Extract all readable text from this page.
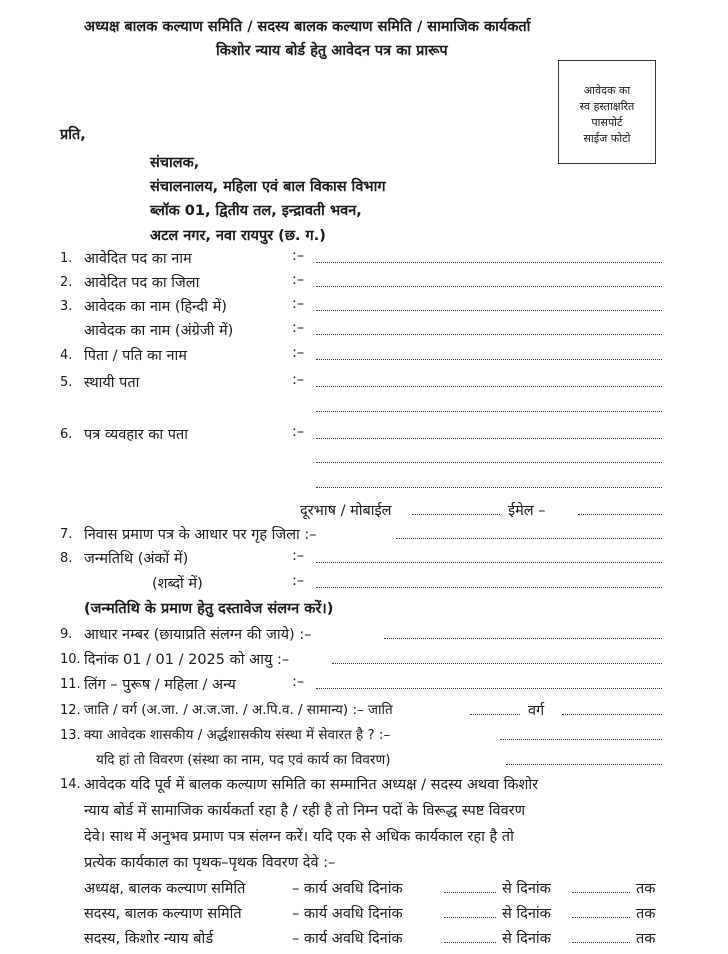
अध्यक्ष बालक कल्याण समिति / सदस्य बालक कल्याण समिति / सामाजिक कार्यकर्ता
किशोर न्याय बोर्ड हेतु आवेदन पत्र का प्रारूप
आवेदक का
स्व हस्ताक्षरित
पासपोर्ट
साईज फोटो
प्रति,
संचालक,
संचालनालय, महिला एवं बाल विकास विभाग
ब्लॉक 01, द्वितीय तल, इन्द्रावती भवन,
अटल नगर, नवा रायपुर (छ. ग.)
1. आवेदित पद का नाम	:–
2. आवेदित पद का जिला	:–
3. आवेदक का नाम (हिन्दी में)	:–
आवेदक का नाम (अंग्रेजी में)	:–
4. पिता / पति का नाम	:–
5. स्थायी पता	:–
6. पत्र व्यवहार का पता	:–
दूरभाष / मोबाईल	ईमेल –
7. निवास प्रमाण पत्र के आधार पर गृह जिला :–
8. जन्मतिथि (अंकों में)	:–
(शब्दों में)	:–
(जन्मतिथि के प्रमाण हेतु दस्तावेज संलग्न करें।)
9. आधार नम्बर (छायाप्रति संलग्न की जाये) :–
10. दिनांक 01 / 01 / 2025 को आयु :–
11. लिंग – पुरूष / महिला / अन्य	:–
12. जाति / वर्ग (अ.जा. / अ.ज.जा. / अ.पि.व. / सामान्य) :– जाति	वर्ग
13. क्या आवेदक शासकीय / अर्द्धशासकीय संस्था में सेवारत है ? :–
यदि हां तो विवरण (संस्था का नाम, पद एवं कार्य का विवरण)
14. आवेदक यदि पूर्व में बालक कल्याण समिति का सम्मानित अध्यक्ष / सदस्य अथवा किशोर
न्याय बोर्ड में सामाजिक कार्यकर्ता रहा है / रही है तो निम्न पदों के विरूद्ध स्पष्ट विवरण
देवे। साथ में अनुभव प्रमाण पत्र संलग्न करें। यदि एक से अधिक कार्यकाल रहा है तो
प्रत्येक कार्यकाल का पृथक–पृथक विवरण देवे :–
अध्यक्ष, बालक कल्याण समिति	– कार्य अवधि दिनांक	से दिनांक	तक
सदस्य, बालक कल्याण समिति	– कार्य अवधि दिनांक	से दिनांक	तक
सदस्य, किशोर न्याय बोर्ड	– कार्य अवधि दिनांक	से दिनांक	तक
